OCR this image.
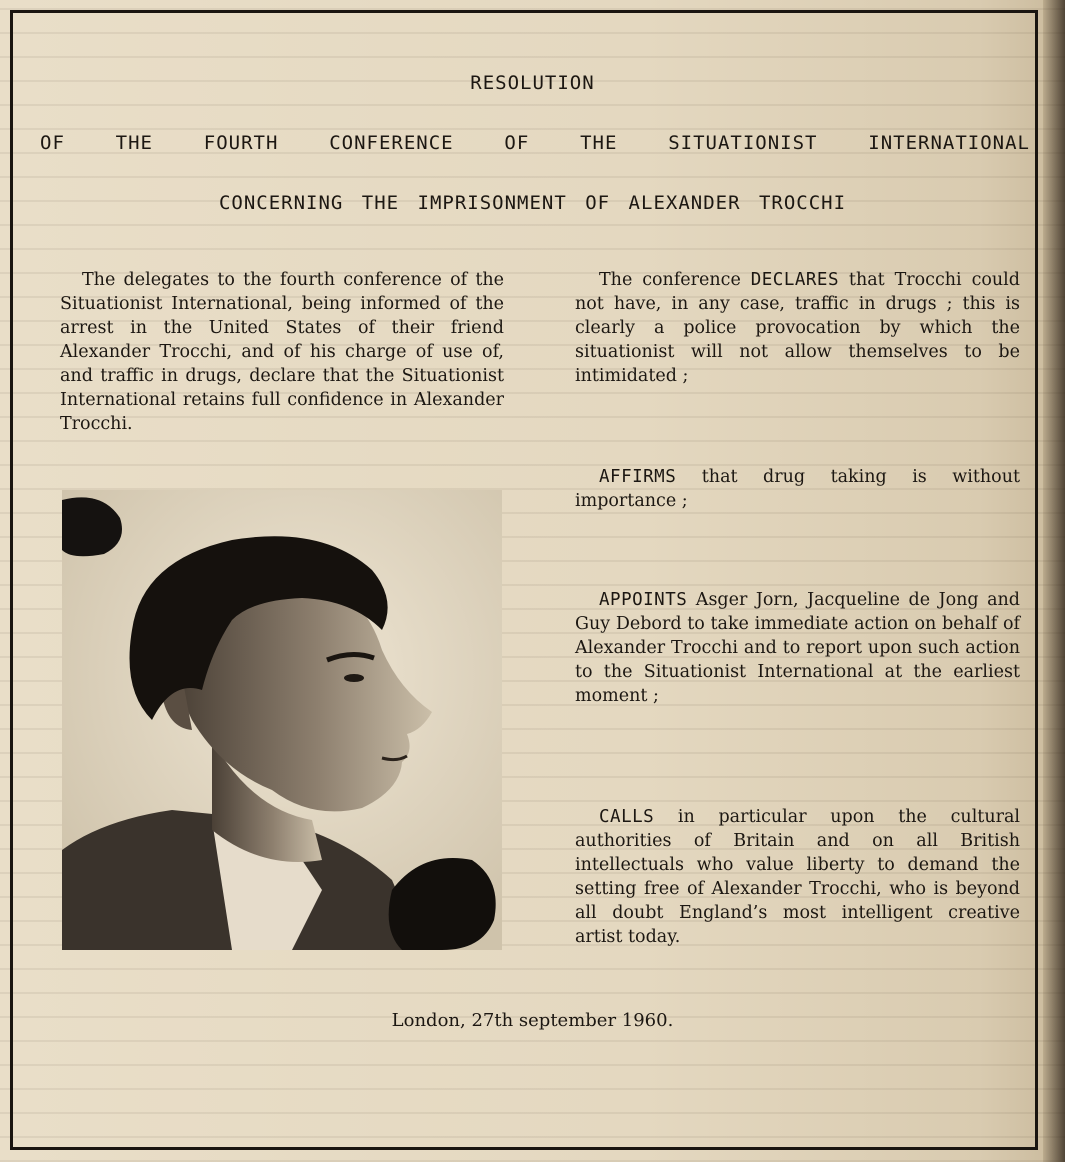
RESOLUTION
OF THE FOURTH CONFERENCE OF THE SITUATIONIST INTERNATIONAL
CONCERNING THE IMPRISONMENT OF ALEXANDER TROCCHI

The delegates to the fourth conference of the Situationist International, being informed of the arrest in the United States of their friend Alexander Trocchi, and of his charge of use of, and traffic in drugs, declare that the Situationist International retains full confidence in Alexander Trocchi.

The conference DECLARES that Trocchi could not have, in any case, traffic in drugs ; this is clearly a police provocation by which the situationist will not allow themselves to be intimidated ;

AFFIRMS that drug taking is without importance ;

APPOINTS Asger Jorn, Jacqueline de Jong and Guy Debord to take immediate action on behalf of Alexander Trocchi and to report upon such action to the Situationist International at the earliest moment ;

CALLS in particular upon the cultural authorities of Britain and on all British intellectuals who value liberty to demand the setting free of Alexander Trocchi, who is beyond all doubt England’s most intelligent creative artist today.

London, 27th september 1960.
